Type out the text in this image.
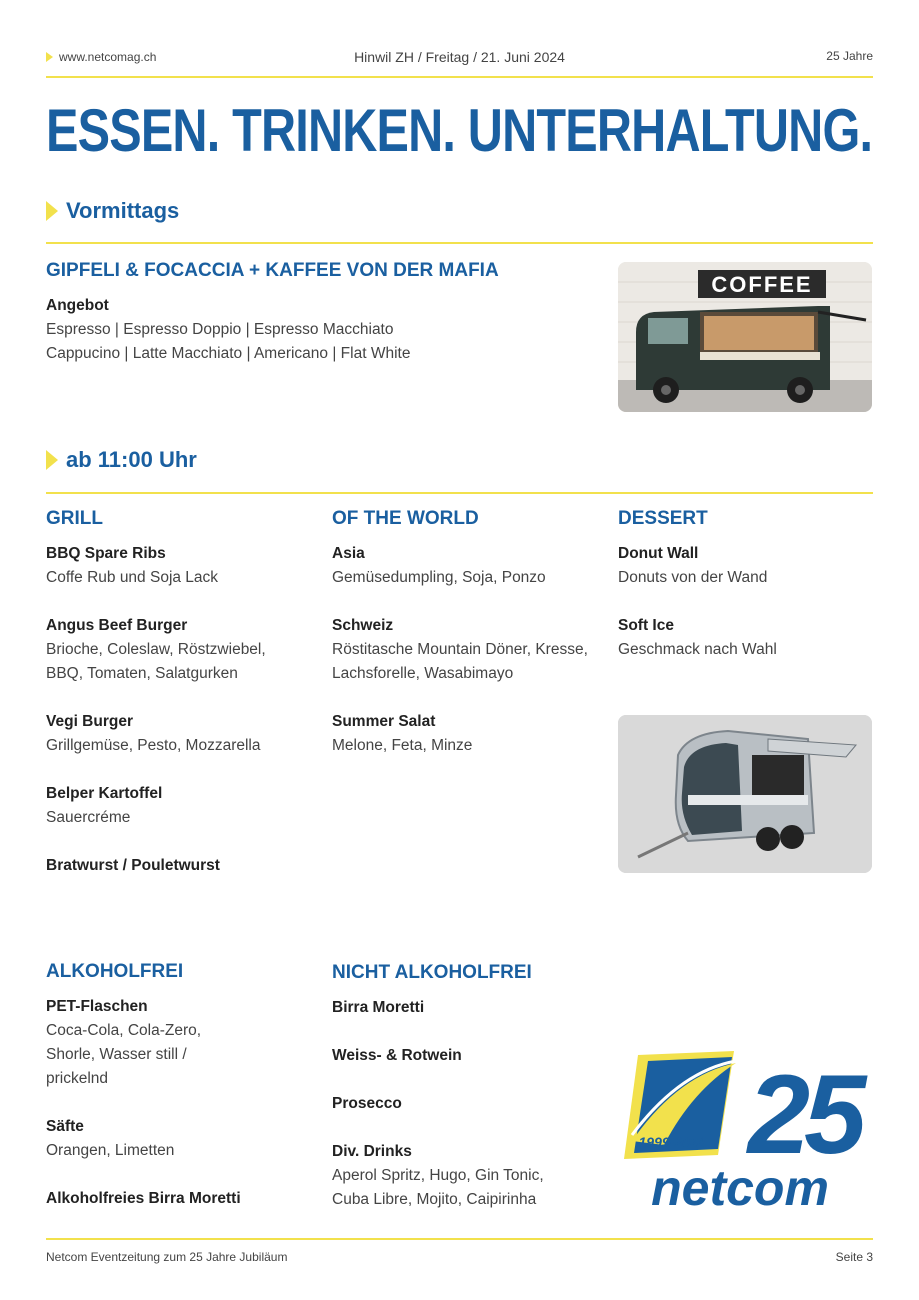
www.netcomag.ch	Hinwil ZH / Freitag / 21. Juni 2024	25 Jahre
ESSEN. TRINKEN. UNTERHALTUNG.
Vormittags
GIPFELI & FOCACCIA + KAFFEE VON DER MAFIA
Angebot
Espresso | Espresso Doppio | Espresso Macchiato
Cappucino | Latte Macchiato | Americano | Flat White
COFFEE
ab 11:00 Uhr
GRILL
BBQ Spare Ribs
Coffe Rub und Soja Lack
Angus Beef Burger
Brioche, Coleslaw, Röstzwiebel, BBQ, Tomaten, Salatgurken
Vegi Burger
Grillgemüse, Pesto, Mozzarella
Belper Kartoffel
Sauercréme
Bratwurst / Pouletwurst
OF THE WORLD
Asia
Gemüsedumpling, Soja, Ponzo
Schweiz
Röstitasche Mountain Döner, Kresse, Lachsforelle, Wasabimayo
Summer Salat
Melone, Feta, Minze
DESSERT
Donut Wall
Donuts von der Wand
Soft Ice
Geschmack nach Wahl
ALKOHOLFREI
PET-Flaschen
Coca-Cola, Cola-Zero, Shorle, Wasser still / prickelnd
Säfte
Orangen, Limetten
Alkoholfreies Birra Moretti
NICHT ALKOHOLFREI
Birra Moretti
Weiss- & Rotwein
Prosecco
Div. Drinks
Aperol Spritz, Hugo, Gin Tonic, Cuba Libre, Mojito, Caipirinha
1999-2024 25
netcom
Netcom Eventzeitung zum 25 Jahre Jubiläum	Seite 3
